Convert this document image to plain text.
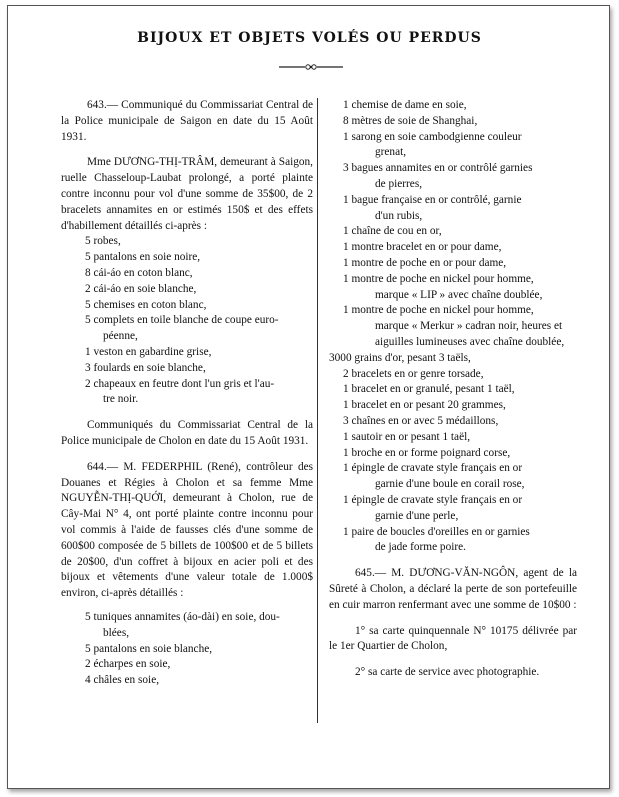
BIJOUX ET OBJETS VOLÉS OU PERDUS

643.— Communiqué du Commissariat Central de la Police municipale de Saigon en date du 15 Août 1931.

Mme DƯƠNG-THỊ-TRÂM, demeurant à Saigon, ruelle Chasseloup-Laubat prolongé, a porté plainte contre inconnu pour vol d'une somme de 35$00, de 2 bracelets annamites en or estimés 150$ et des effets d'habillement détaillés ci-après :

5 robes,
5 pantalons en soie noire,
8 cái-áo en coton blanc,
2 cái-áo en soie blanche,
5 chemises en coton blanc,
5 complets en toile blanche de coupe euro-
péenne,
1 veston en gabardine grise,
3 foulards en soie blanche,
2 chapeaux en feutre dont l'un gris et l'au-
tre noir.

Communiqués du Commissariat Central de la Police municipale de Cholon en date du 15 Août 1931.

644.— M. FEDERPHIL (René), contrôleur des Douanes et Régies à Cholon et sa femme Mme NGUYỄN-THỊ-QUỚI, demeurant à Cholon, rue de Cây-Mai N° 4, ont porté plainte contre inconnu pour vol commis à l'aide de fausses clés d'une somme de 600$00 composée de 5 billets de 100$00 et de 5 billets de 20$00, d'un coffret à bijoux en acier poli et des bijoux et vêtements d'une valeur totale de 1.000$ environ, ci-après détaillés :

5 tuniques annamites (áo-dài) en soie, dou-
blées,
5 pantalons en soie blanche,
2 écharpes en soie,
4 châles en soie,
1 chemise de dame en soie,
8 mètres de soie de Shanghai,
1 sarong en soie cambodgienne couleur
grenat,
3 bagues annamites en or contrôlé garnies
de pierres,
1 bague française en or contrôlé, garnie
d'un rubis,
1 chaîne de cou en or,
1 montre bracelet en or pour dame,
1 montre de poche en or pour dame,
1 montre de poche en nickel pour homme,
marque « LIP » avec chaîne doublée,
1 montre de poche en nickel pour homme,
marque « Merkur » cadran noir, heures et aiguilles lumineuses avec chaîne doublée,

3000 grains d'or, pesant 3 taëls,

2 bracelets en or genre torsade,
1 bracelet en or granulé, pesant 1 taël,
1 bracelet en or pesant 20 grammes,
3 chaînes en or avec 5 médaillons,
1 sautoir en or pesant 1 taël,
1 broche en or forme poignard corse,
1 épingle de cravate style français en or
garnie d'une boule en corail rose,
1 épingle de cravate style français en or
garnie d'une perle,
1 paire de boucles d'oreilles en or garnies
de jade forme poire.

645.— M. DƯƠNG-VĂN-NGÔN, agent de la Sûreté à Cholon, a déclaré la perte de son portefeuille en cuir marron renfermant avec une somme de 10$00 :

1° sa carte quinquennale N° 10175 délivrée par le 1er Quartier de Cholon,

2° sa carte de service avec photographie.
